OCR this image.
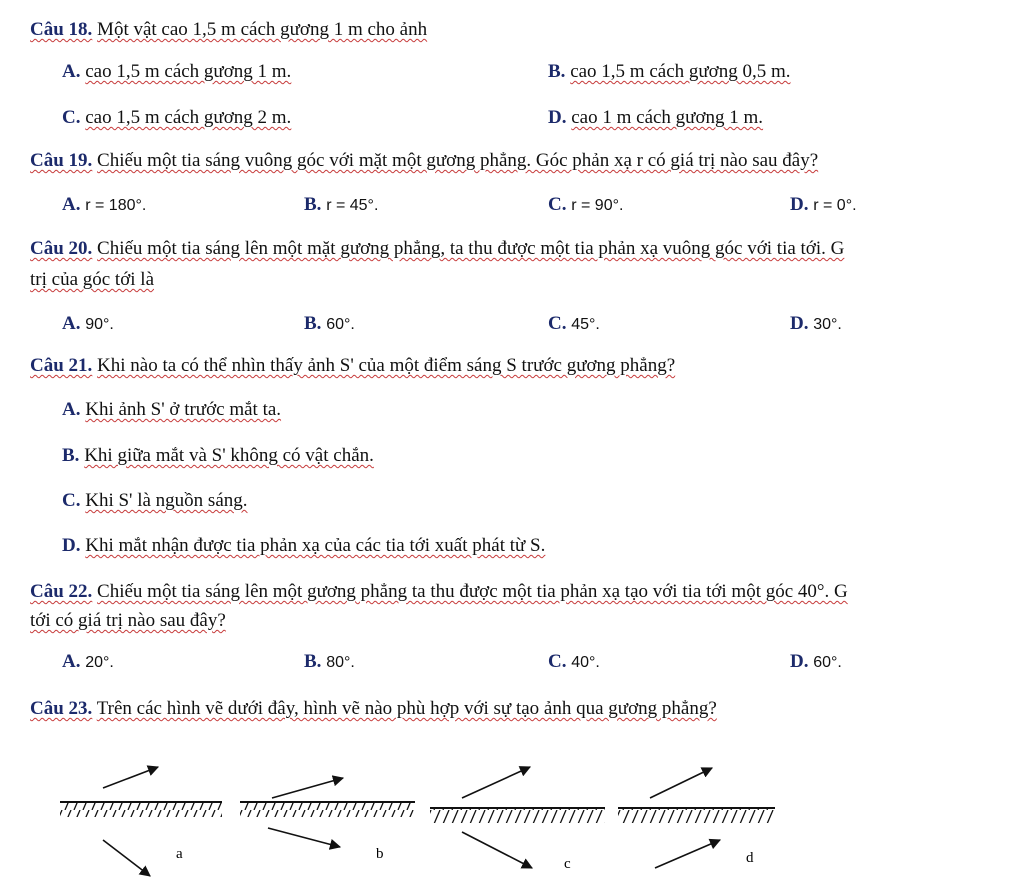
Câu 18. Một vật cao 1,5 m cách gương 1 m cho ảnh
A. cao 1,5 m cách gương 1 m.	B. cao 1,5 m cách gương 0,5 m.
C. cao 1,5 m cách gương 2 m.	D. cao 1 m cách gương 1 m.
Câu 19. Chiếu một tia sáng vuông góc với mặt một gương phẳng. Góc phản xạ r có giá trị nào sau đây?
A. r = 180°.	B. r = 45°.	C. r = 90°.	D. r = 0°.
Câu 20. Chiếu một tia sáng lên một mặt gương phẳng, ta thu được một tia phản xạ vuông góc với tia tới. G
trị của góc tới là
A. 90°.	B. 60°.	C. 45°.	D. 30°.
Câu 21. Khi nào ta có thể nhìn thấy ảnh S' của một điểm sáng S trước gương phẳng?
A. Khi ảnh S' ở trước mắt ta.
B. Khi giữa mắt và S' không có vật chắn.
C. Khi S' là nguồn sáng.
D. Khi mắt nhận được tia phản xạ của các tia tới xuất phát từ S.
Câu 22. Chiếu một tia sáng lên một gương phẳng ta thu được một tia phản xạ tạo với tia tới một góc 40°. G
tới có giá trị nào sau đây?
A. 20°.	B. 80°.	C. 40°.	D. 60°.
Câu 23. Trên các hình vẽ dưới đây, hình vẽ nào phù hợp với sự tạo ảnh qua gương phẳng?
a	b
c	d
